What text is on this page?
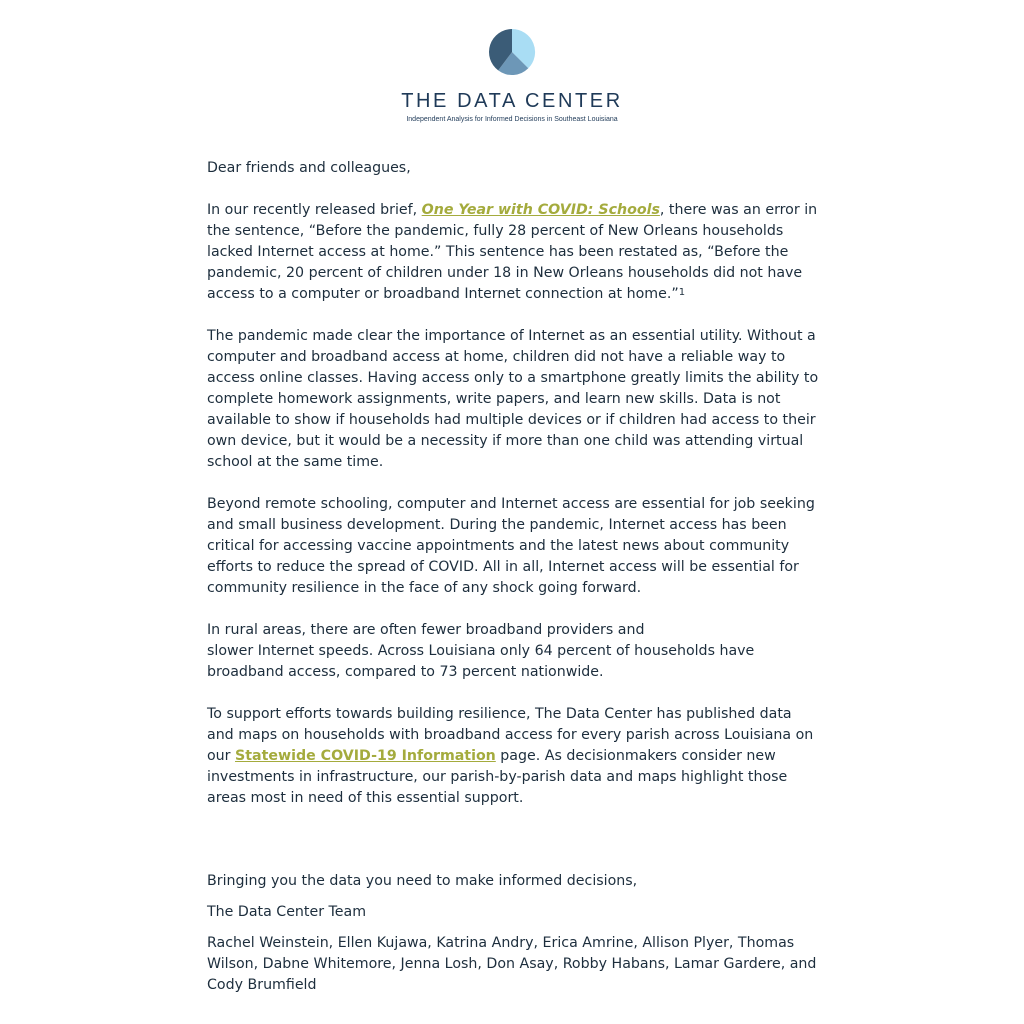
THE DATA CENTER
Independent Analysis for Informed Decisions in Southeast Louisiana

Dear friends and colleagues,

In our recently released brief, One Year with COVID: Schools, there was an error in the sentence, “Before the pandemic, fully 28 percent of New Orleans households lacked Internet access at home.” This sentence has been restated as, “Before the pandemic, 20 percent of children under 18 in New Orleans households did not have access to a computer or broadband Internet connection at home.”$^1$

The pandemic made clear the importance of Internet as an essential utility. Without a computer and broadband access at home, children did not have a reliable way to access online classes. Having access only to a smartphone greatly limits the ability to complete homework assignments, write papers, and learn new skills. Data is not available to show if households had multiple devices or if children had access to their own device, but it would be a necessity if more than one child was attending virtual school at the same time.

Beyond remote schooling, computer and Internet access are essential for job seeking and small business development. During the pandemic, Internet access has been critical for accessing vaccine appointments and the latest news about community efforts to reduce the spread of COVID. All in all, Internet access will be essential for community resilience in the face of any shock going forward.

In rural areas, there are often fewer broadband providers and
slower Internet speeds. Across Louisiana only 64 percent of households have broadband access, compared to 73 percent nationwide.

To support efforts towards building resilience, The Data Center has published data and maps on households with broadband access for every parish across Louisiana on our Statewide COVID-19 Information page. As decisionmakers consider new investments in infrastructure, our parish-by-parish data and maps highlight those areas most in need of this essential support.

Bringing you the data you need to make informed decisions,

The Data Center Team

Rachel Weinstein, Ellen Kujawa, Katrina Andry, Erica Amrine, Allison Plyer, Thomas Wilson, Dabne Whitemore, Jenna Losh, Don Asay, Robby Habans, Lamar Gardere, and Cody Brumfield
